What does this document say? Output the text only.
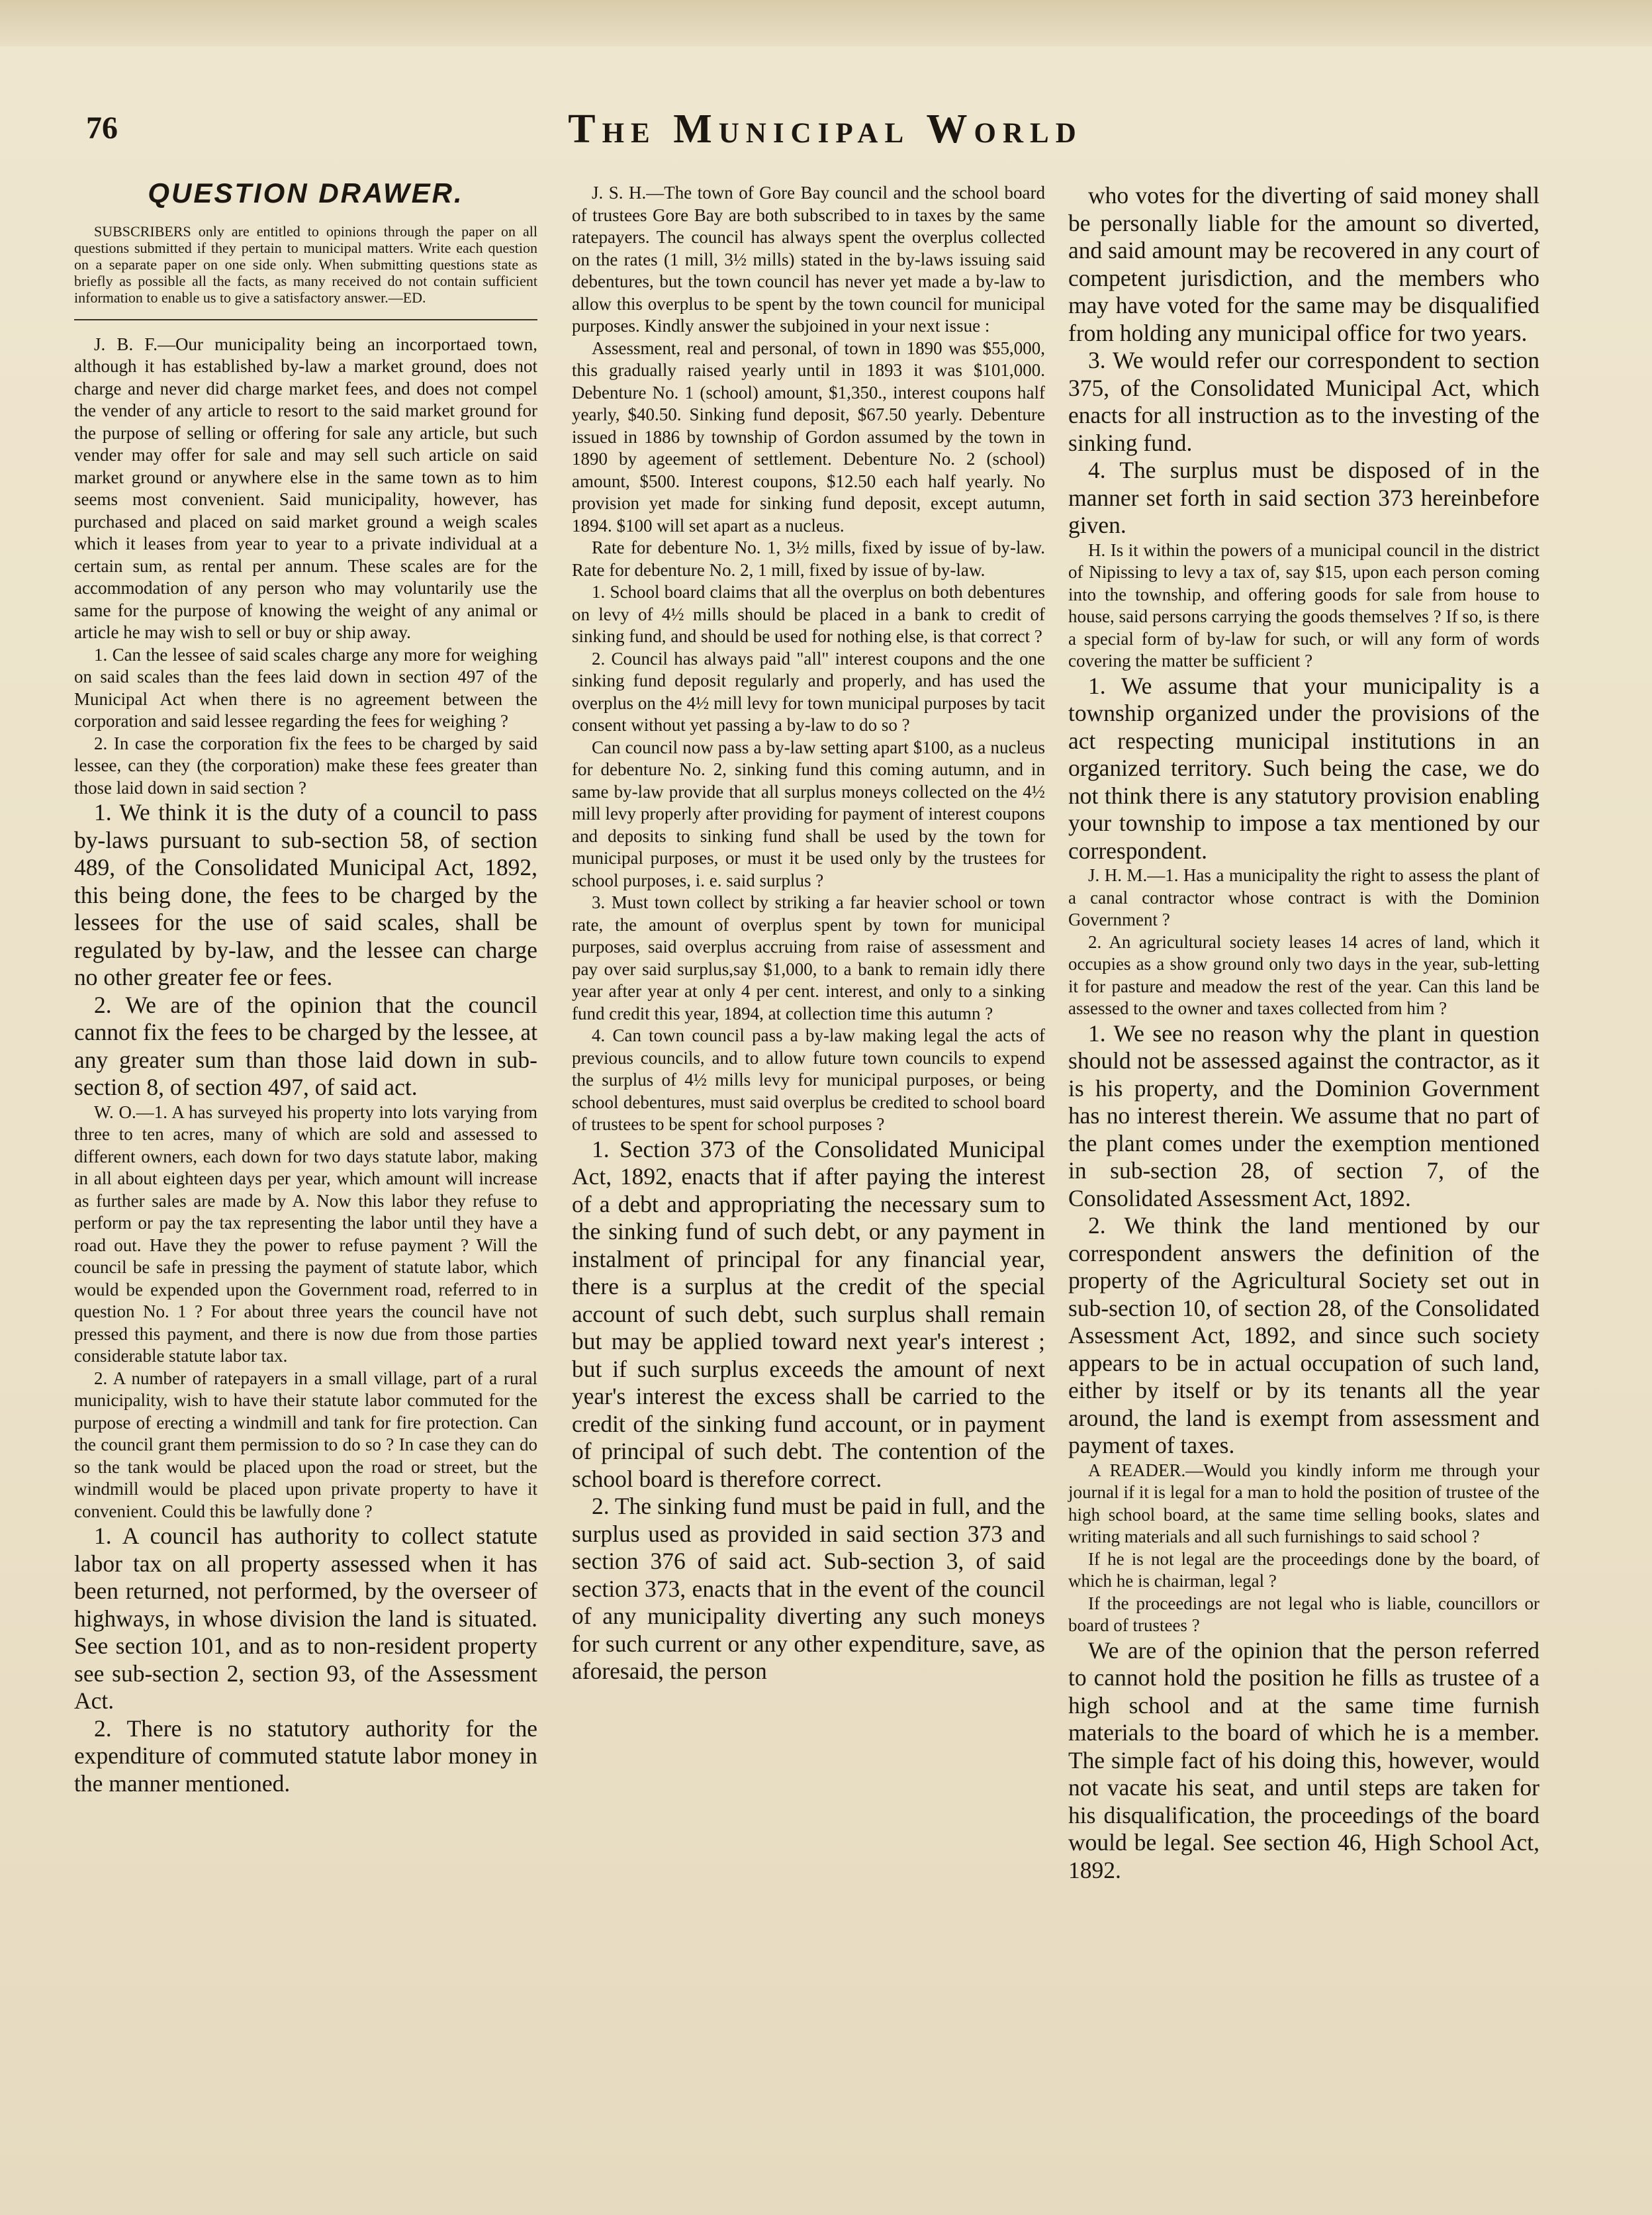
76	The Municipal World
QUESTION DRAWER.
SUBSCRIBERS only are entitled to opinions through the paper on all questions submitted if they pertain to municipal matters. Write each question on a separate paper on one side only. When submitting questions state as briefly as possible all the facts, as many received do not contain sufficient information to enable us to give a satisfactory answer.—ED.

J. B. F.—Our municipality being an incorportaed town, although it has established by-law a market ground, does not charge and never did charge market fees, and does not compel the vender of any article to resort to the said market ground for the purpose of selling or offering for sale any article, but such vender may offer for sale and may sell such article on said market ground or anywhere else in the same town as to him seems most convenient. Said municipality, however, has purchased and placed on said market ground a weigh scales which it leases from year to year to a private individual at a certain sum, as rental per annum. These scales are for the accommodation of any person who may voluntarily use the same for the purpose of knowing the weight of any animal or article he may wish to sell or buy or ship away.

1. Can the lessee of said scales charge any more for weighing on said scales than the fees laid down in section 497 of the Municipal Act when there is no agreement between the corporation and said lessee regarding the fees for weighing ?

2. In case the corporation fix the fees to be charged by said lessee, can they (the corporation) make these fees greater than those laid down in said section ?

1. We think it is the duty of a council to pass by-laws pursuant to sub-section 58, of section 489, of the Consolidated Municipal Act, 1892, this being done, the fees to be charged by the lessees for the use of said scales, shall be regulated by by-law, and the lessee can charge no other greater fee or fees.

2. We are of the opinion that the council cannot fix the fees to be charged by the lessee, at any greater sum than those laid down in sub-section 8, of section 497, of said act.

W. O.—1. A has surveyed his property into lots varying from three to ten acres, many of which are sold and assessed to different owners, each down for two days statute labor, making in all about eighteen days per year, which amount will increase as further sales are made by A. Now this labor they refuse to perform or pay the tax representing the labor until they have a road out. Have they the power to refuse payment ? Will the council be safe in pressing the payment of statute labor, which would be expended upon the Government road, referred to in question No. 1 ? For about three years the council have not pressed this payment, and there is now due from those parties considerable statute labor tax.

2. A number of ratepayers in a small village, part of a rural municipality, wish to have their statute labor commuted for the purpose of erecting a windmill and tank for fire protection. Can the council grant them permission to do so ? In case they can do so the tank would be placed upon the road or street, but the windmill would be placed upon private property to have it convenient. Could this be lawfully done ?

1. A council has authority to collect statute labor tax on all property assessed when it has been returned, not performed, by the overseer of highways, in whose division the land is situated. See section 101, and as to non-resident property see sub-section 2, section 93, of the Assessment Act.

2. There is no statutory authority for the expenditure of commuted statute labor money in the manner mentioned.

J. S. H.—The town of Gore Bay council and the school board of trustees Gore Bay are both subscribed to in taxes by the same ratepayers. The council has always spent the overplus collected on the rates (1 mill, 3½ mills) stated in the by-laws issuing said debentures, but the town council has never yet made a by-law to allow this overplus to be spent by the town council for municipal purposes. Kindly answer the subjoined in your next issue :

Assessment, real and personal, of town in 1890 was $55,000, this gradually raised yearly until in 1893 it was $101,000. Debenture No. 1 (school) amount, $1,350., interest coupons half yearly, $40.50. Sinking fund deposit, $67.50 yearly. Debenture issued in 1886 by township of Gordon assumed by the town in 1890 by ageement of settlement. Debenture No. 2 (school) amount, $500. Interest coupons, $12.50 each half yearly. No provision yet made for sinking fund deposit, except autumn, 1894. $100 will set apart as a nucleus.

Rate for debenture No. 1, 3½ mills, fixed by issue of by-law. Rate for debenture No. 2, 1 mill, fixed by issue of by-law.

1. School board claims that all the overplus on both debentures on levy of 4½ mills should be placed in a bank to credit of sinking fund, and should be used for nothing else, is that correct ?

2. Council has always paid "all" interest coupons and the one sinking fund deposit regularly and properly, and has used the overplus on the 4½ mill levy for town municipal purposes by tacit consent without yet passing a by-law to do so ?

Can council now pass a by-law setting apart $100, as a nucleus for debenture No. 2, sinking fund this coming autumn, and in same by-law provide that all surplus moneys collected on the 4½ mill levy properly after providing for payment of interest coupons and deposits to sinking fund shall be used by the town for municipal purposes, or must it be used only by the trustees for school purposes, i. e. said surplus ?

3. Must town collect by striking a far heavier school or town rate, the amount of overplus spent by town for municipal purposes, said overplus accruing from raise of assessment and pay over said surplus,say $1,000, to a bank to remain idly there year after year at only 4 per cent. interest, and only to a sinking fund credit this year, 1894, at collection time this autumn ?

4. Can town council pass a by-law making legal the acts of previous councils, and to allow future town councils to expend the surplus of 4½ mills levy for municipal purposes, or being school debentures, must said overplus be credited to school board of trustees to be spent for school purposes ?

1. Section 373 of the Consolidated Municipal Act, 1892, enacts that if after paying the interest of a debt and appropriating the necessary sum to the sinking fund of such debt, or any payment in instalment of principal for any financial year, there is a surplus at the credit of the special account of such debt, such surplus shall remain but may be applied toward next year's interest ; but if such surplus exceeds the amount of next year's interest the excess shall be carried to the credit of the sinking fund account, or in payment of principal of such debt. The contention of the school board is therefore correct.

2. The sinking fund must be paid in full, and the surplus used as provided in said section 373 and section 376 of said act. Sub-section 3, of said section 373, enacts that in the event of the council of any municipality diverting any such moneys for such current or any other expenditure, save, as aforesaid, the person

who votes for the diverting of said money shall be personally liable for the amount so diverted, and said amount may be recovered in any court of competent jurisdiction, and the members who may have voted for the same may be disqualified from holding any municipal office for two years.

3. We would refer our correspondent to section 375, of the Consolidated Municipal Act, which enacts for all instruction as to the investing of the sinking fund.

4. The surplus must be disposed of in the manner set forth in said section 373 hereinbefore given.

H. Is it within the powers of a municipal council in the district of Nipissing to levy a tax of, say $15, upon each person coming into the township, and offering goods for sale from house to house, said persons carrying the goods themselves ? If so, is there a special form of by-law for such, or will any form of words covering the matter be sufficient ?

1. We assume that your municipality is a township organized under the provisions of the act respecting municipal institutions in an organized territory. Such being the case, we do not think there is any statutory provision enabling your township to impose a tax mentioned by our correspondent.

J. H. M.—1. Has a municipality the right to assess the plant of a canal contractor whose contract is with the Dominion Government ?

2. An agricultural society leases 14 acres of land, which it occupies as a show ground only two days in the year, sub-letting it for pasture and meadow the rest of the year. Can this land be assessed to the owner and taxes collected from him ?

1. We see no reason why the plant in question should not be assessed against the contractor, as it is his property, and the Dominion Government has no interest therein. We assume that no part of the plant comes under the exemption mentioned in sub-section 28, of section 7, of the Consolidated Assessment Act, 1892.

2. We think the land mentioned by our correspondent answers the definition of the property of the Agricultural Society set out in sub-section 10, of section 28, of the Consolidated Assessment Act, 1892, and since such society appears to be in actual occupation of such land, either by itself or by its tenants all the year around, the land is exempt from assessment and payment of taxes.

A READER.—Would you kindly inform me through your journal if it is legal for a man to hold the position of trustee of the high school board, at the same time selling books, slates and writing materials and all such furnishings to said school ?

If he is not legal are the proceedings done by the board, of which he is chairman, legal ?

If the proceedings are not legal who is liable, councillors or board of trustees ?

We are of the opinion that the person referred to cannot hold the position he fills as trustee of a high school and at the same time furnish materials to the board of which he is a member. The simple fact of his doing this, however, would not vacate his seat, and until steps are taken for his disqualification, the proceedings of the board would be legal. See section 46, High School Act, 1892.
